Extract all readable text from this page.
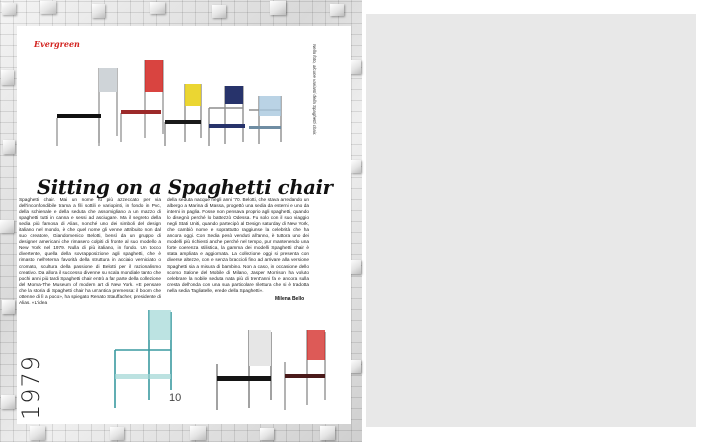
Evergreen	Nella foto, alcune varianti della Spaghetti chair.

Sitting on a Spaghetti chair

Spaghetti chair. Mai un nome fu più azzeccato per via dell'inconfondibile trama a fili sottili e variopinti, in fondo in Pvc, della schienale e della seduta che assomigliano a un mazzo di spaghetti tutti in canna e sessi ad asciugare. Ma il segreto della sedia più famosa di Alias, nonché uno dei simboli del design italiano nel mondo, è che quel nome gli venne attribuito non dal suo creatore, Giandomenico Belotti, bensì da un gruppo di designer americani che rimasero colpiti di fronte al suo modello a New York nel 1979. Nulla di più italiano, in fondo. Un tocco divertente, quella della sovrapposizione agli spaghetti, che è rimasto nell'eterna favorità della struttura in acciaio verniciato o cromato, scultura della passione di Belotti per il razionalismo creativo. Da allora il successo divenne su scala mondiale tanto che pochi anni più tardi Spaghetti chair entrò a far parte della collezione del Moma-The Museum of modern art di New York. «E pensare che la storia di Spaghetti chair ha un'antica premessa: il boom che ottenne di lì a poco», ha spiegato Renato Stauffacher, presidente di Alias. «L'idea

della seduta nacque negli anni '70. Belotti, che stava arredando un albergo a Marina di Massa, progettò una sedia da esterni e uno da interni in paglia. Fosse non pensava proprio agli spaghetti, quando lo disegnò perché lo battezzò Odessa. Fu solo con il suo viaggio negli Stati Uniti, quando partecipò al Design saturday di New York, che cambiò nome e soprattutto raggiunse la celebrità che ha ancora oggi. Con Sedia pesò venduti all'anno, è tuttora uno dei modelli più richiesti anche perché nel tempo, pur mantenendo una forte coerenza stilistica, la gamma dei modelli Spaghetti chair è stata ampliata e aggiornata. La collezione oggi si presenta con diverse altezze, con e senza braccioli fino ad arrivare alla versione Spaghetti sia a misura di bambino. Non a caso, in occasione dello scorso Salone del Mobile di Milano, Jasper Morrison ha voluto celebrare la nobile seduta nata più di trent'anni fa e ancora sulla cresta dell'onda con una sua particolare rilettura che si è tradotta nella sedia Tagliatelle, erede della Spaghetti».

Milena Bello

1979	10
